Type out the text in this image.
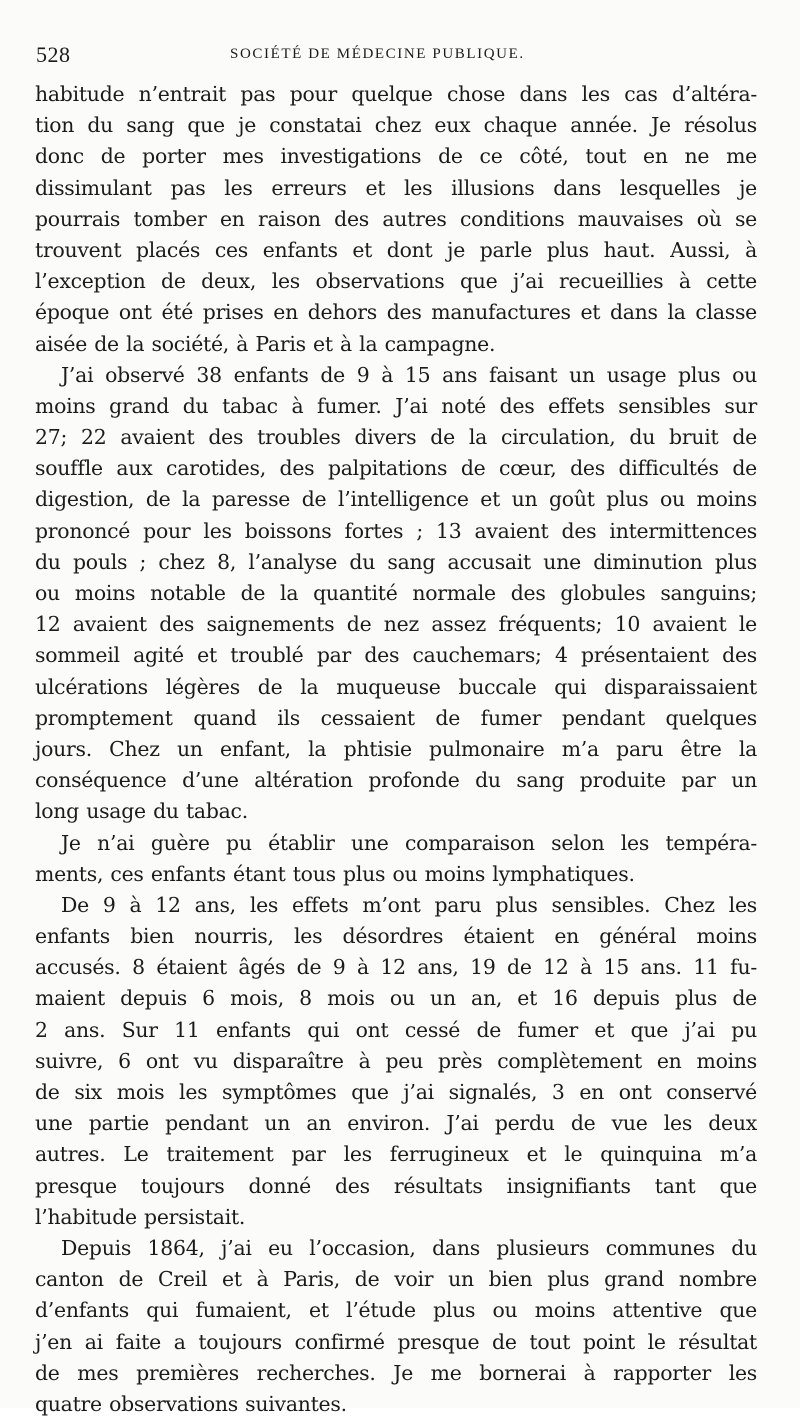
528	SOCIÉTÉ DE MÉDECINE PUBLIQUE.
habitude n’entrait pas pour quelque chose dans les cas d’altéra-
tion du sang que je constatai chez eux chaque année. Je résolus
donc de porter mes investigations de ce côté, tout en ne me
dissimulant pas les erreurs et les illusions dans lesquelles je
pourrais tomber en raison des autres conditions mauvaises où se
trouvent placés ces enfants et dont je parle plus haut. Aussi, à
l’exception de deux, les observations que j’ai recueillies à cette
époque ont été prises en dehors des manufactures et dans la classe
aisée de la société, à Paris et à la campagne.
J’ai observé 38 enfants de 9 à 15 ans faisant un usage plus ou
moins grand du tabac à fumer. J’ai noté des effets sensibles sur
27; 22 avaient des troubles divers de la circulation, du bruit de
souffle aux carotides, des palpitations de cœur, des difficultés de
digestion, de la paresse de l’intelligence et un goût plus ou moins
prononcé pour les boissons fortes ; 13 avaient des intermittences
du pouls ; chez 8, l’analyse du sang accusait une diminution plus
ou moins notable de la quantité normale des globules sanguins;
12 avaient des saignements de nez assez fréquents; 10 avaient le
sommeil agité et troublé par des cauchemars; 4 présentaient des
ulcérations légères de la muqueuse buccale qui disparaissaient
promptement quand ils cessaient de fumer pendant quelques
jours. Chez un enfant, la phtisie pulmonaire m’a paru être la
conséquence d’une altération profonde du sang produite par un
long usage du tabac.
Je n’ai guère pu établir une comparaison selon les tempéra-
ments, ces enfants étant tous plus ou moins lymphatiques.
De 9 à 12 ans, les effets m’ont paru plus sensibles. Chez les
enfants bien nourris, les désordres étaient en général moins
accusés. 8 étaient âgés de 9 à 12 ans, 19 de 12 à 15 ans. 11 fu-
maient depuis 6 mois, 8 mois ou un an, et 16 depuis plus de
2 ans. Sur 11 enfants qui ont cessé de fumer et que j’ai pu
suivre, 6 ont vu disparaître à peu près complètement en moins
de six mois les symptômes que j’ai signalés, 3 en ont conservé
une partie pendant un an environ. J’ai perdu de vue les deux
autres. Le traitement par les ferrugineux et le quinquina m’a
presque toujours donné des résultats insignifiants tant que
l’habitude persistait.
Depuis 1864, j’ai eu l’occasion, dans plusieurs communes du
canton de Creil et à Paris, de voir un bien plus grand nombre
d’enfants qui fumaient, et l’étude plus ou moins attentive que
j’en ai faite a toujours confirmé presque de tout point le résultat
de mes premières recherches. Je me bornerai à rapporter les
quatre observations suivantes.
